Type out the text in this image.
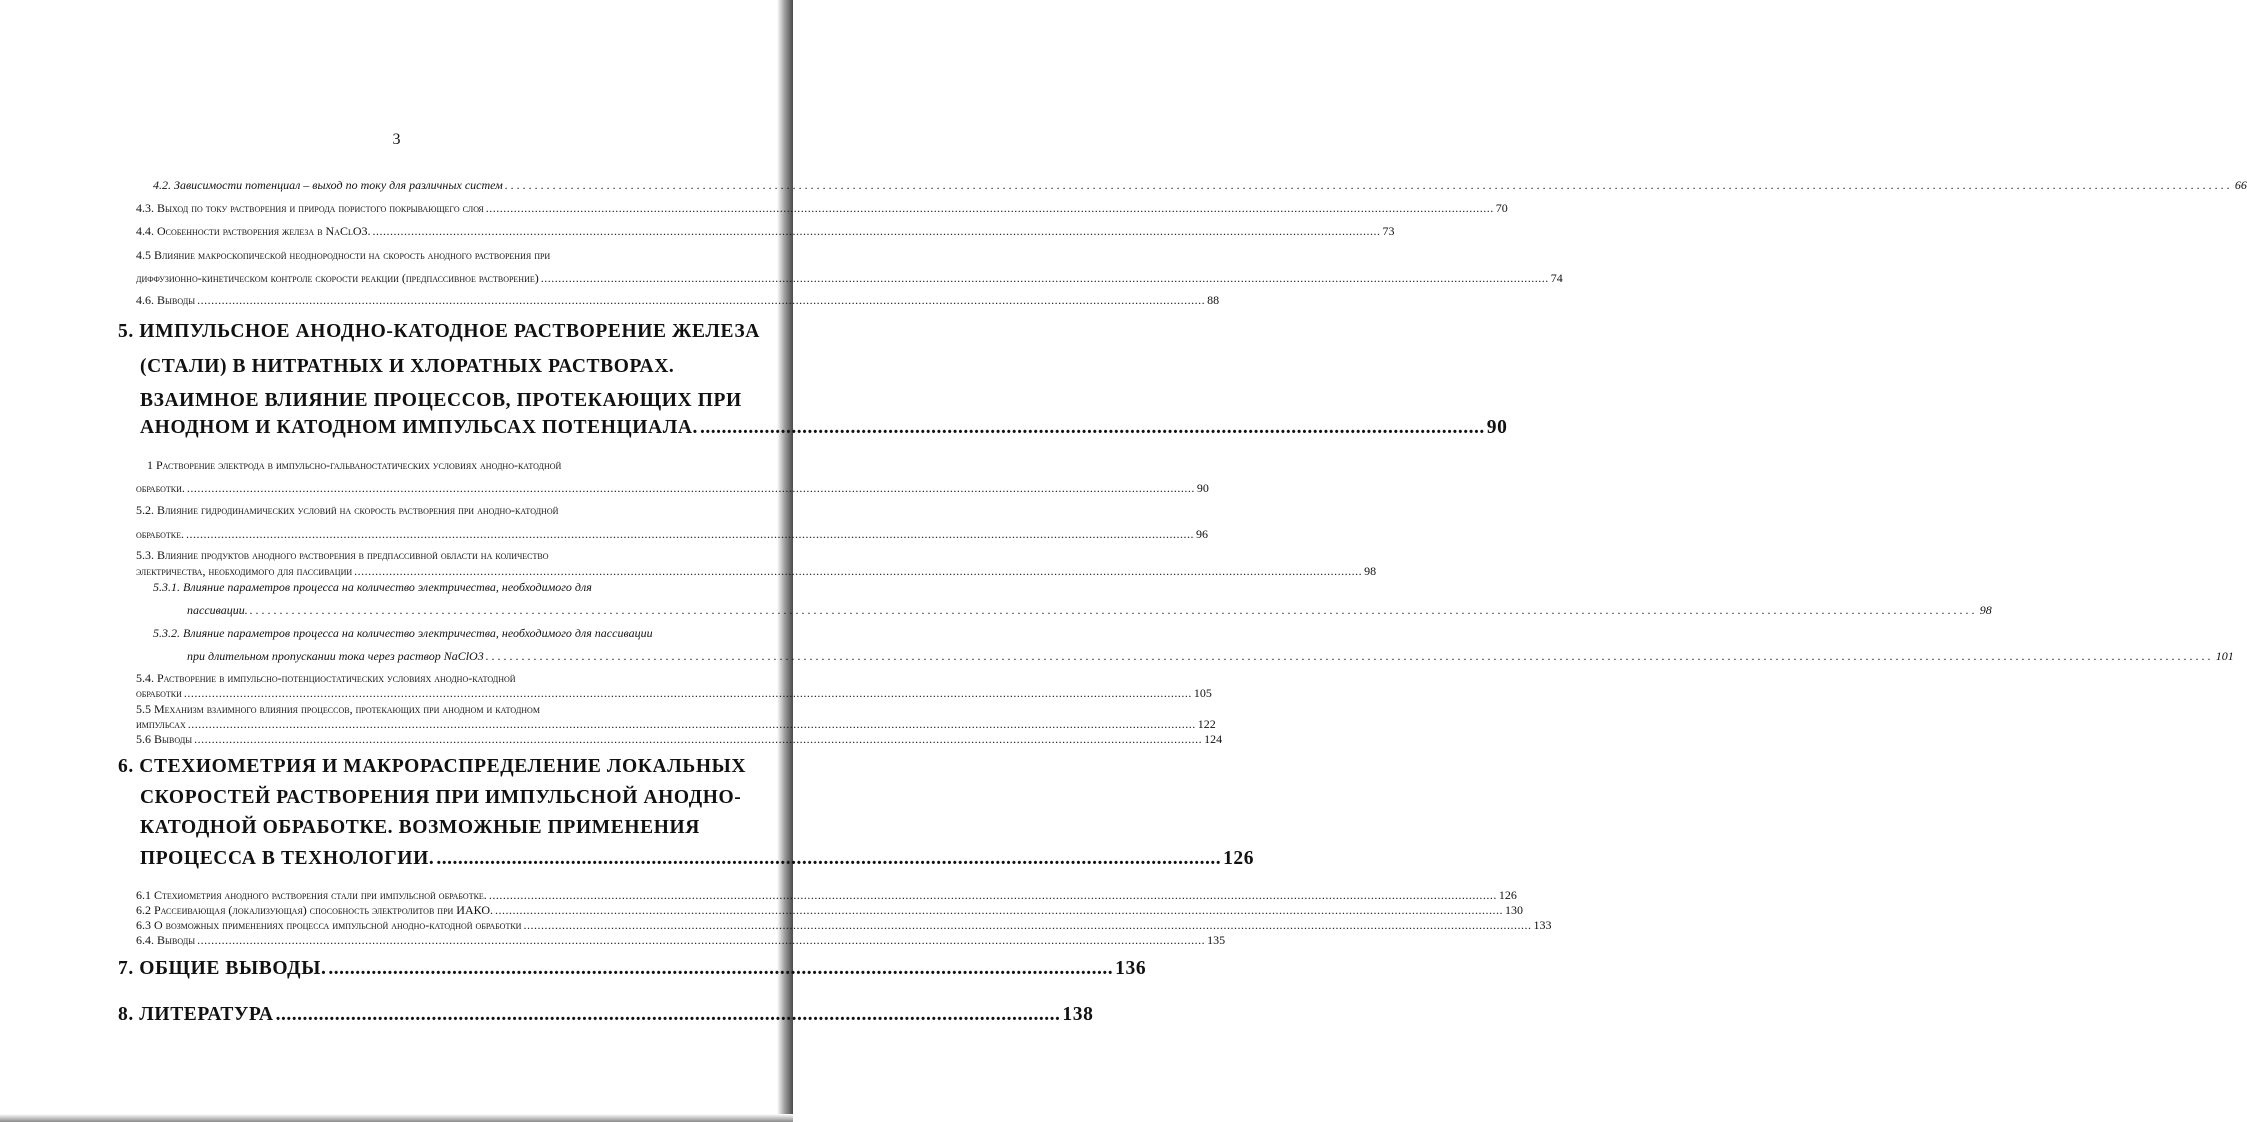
3
4.2. Зависимости потенциал – выход по току для различных систем .....	66
4.3. Выход по току растворения и природа пористого покрывающего слоя .....	70
4.4. Особенности растворения железа в NaClO3. .....	73
4.5 Влияние макроскопической неоднородности на скорость анодного растворения при
диффузионно-кинетическом контроле скорости реакции (предпассивное растворение) .....	74
4.6. Выводы .....	88
5. ИМПУЛЬСНОЕ АНОДНО-КАТОДНОЕ РАСТВОРЕНИЕ ЖЕЛЕЗА
(СТАЛИ) В НИТРАТНЫХ И ХЛОРАТНЫХ РАСТВОРАХ.
ВЗАИМНОЕ ВЛИЯНИЕ ПРОЦЕССОВ, ПРОТЕКАЮЩИХ ПРИ
АНОДНОМ И КАТОДНОМ ИМПУЛЬСАХ ПОТЕНЦИАЛА. .....	90
1 Растворение электрода в импульсно-гальваностатических условиях анодно-катодной
обработки. .....	90
5.2. Влияние гидродинамических условий на скорость растворения при анодно-катодной
обработке. .....	96
5.3. Влияние продуктов анодного растворения в предпассивной области на количество
электричества, необходимого для пассивации .....	98
5.3.1. Влияние параметров процесса на количество электричества, необходимого для
пассивации. .....	98
5.3.2. Влияние параметров процесса на количество электричества, необходимого для пассивации
при длительном пропускании тока через раствор NaClO3 .....	101
5.4. Растворение в импульсно-потенциостатических условиях анодно-катодной
обработки .....	105
5.5 Механизм взаимного влияния процессов, протекающих при анодном и катодном
импульсах .....	122
5.6 Выводы .....	124
6. СТЕХИОМЕТРИЯ И МАКРОРАСПРЕДЕЛЕНИЕ ЛОКАЛЬНЫХ
СКОРОСТЕЙ РАСТВОРЕНИЯ ПРИ ИМПУЛЬСНОЙ АНОДНО-
КАТОДНОЙ ОБРАБОТКЕ. ВОЗМОЖНЫЕ ПРИМЕНЕНИЯ
ПРОЦЕССА В ТЕХНОЛОГИИ. .....	126
6.1 Стехиометрия анодного растворения стали при импульсной обработке. .....	126
6.2 Рассеивающая (локализующая) способность электролитов при ИАКО. .....	130
6.3 О возможных применениях процесса импульсной анодно-катодной обработки .....	133
6.4. Выводы .....	135
7. ОБЩИЕ ВЫВОДЫ. .....	136
8. ЛИТЕРАТУРА .....	138
